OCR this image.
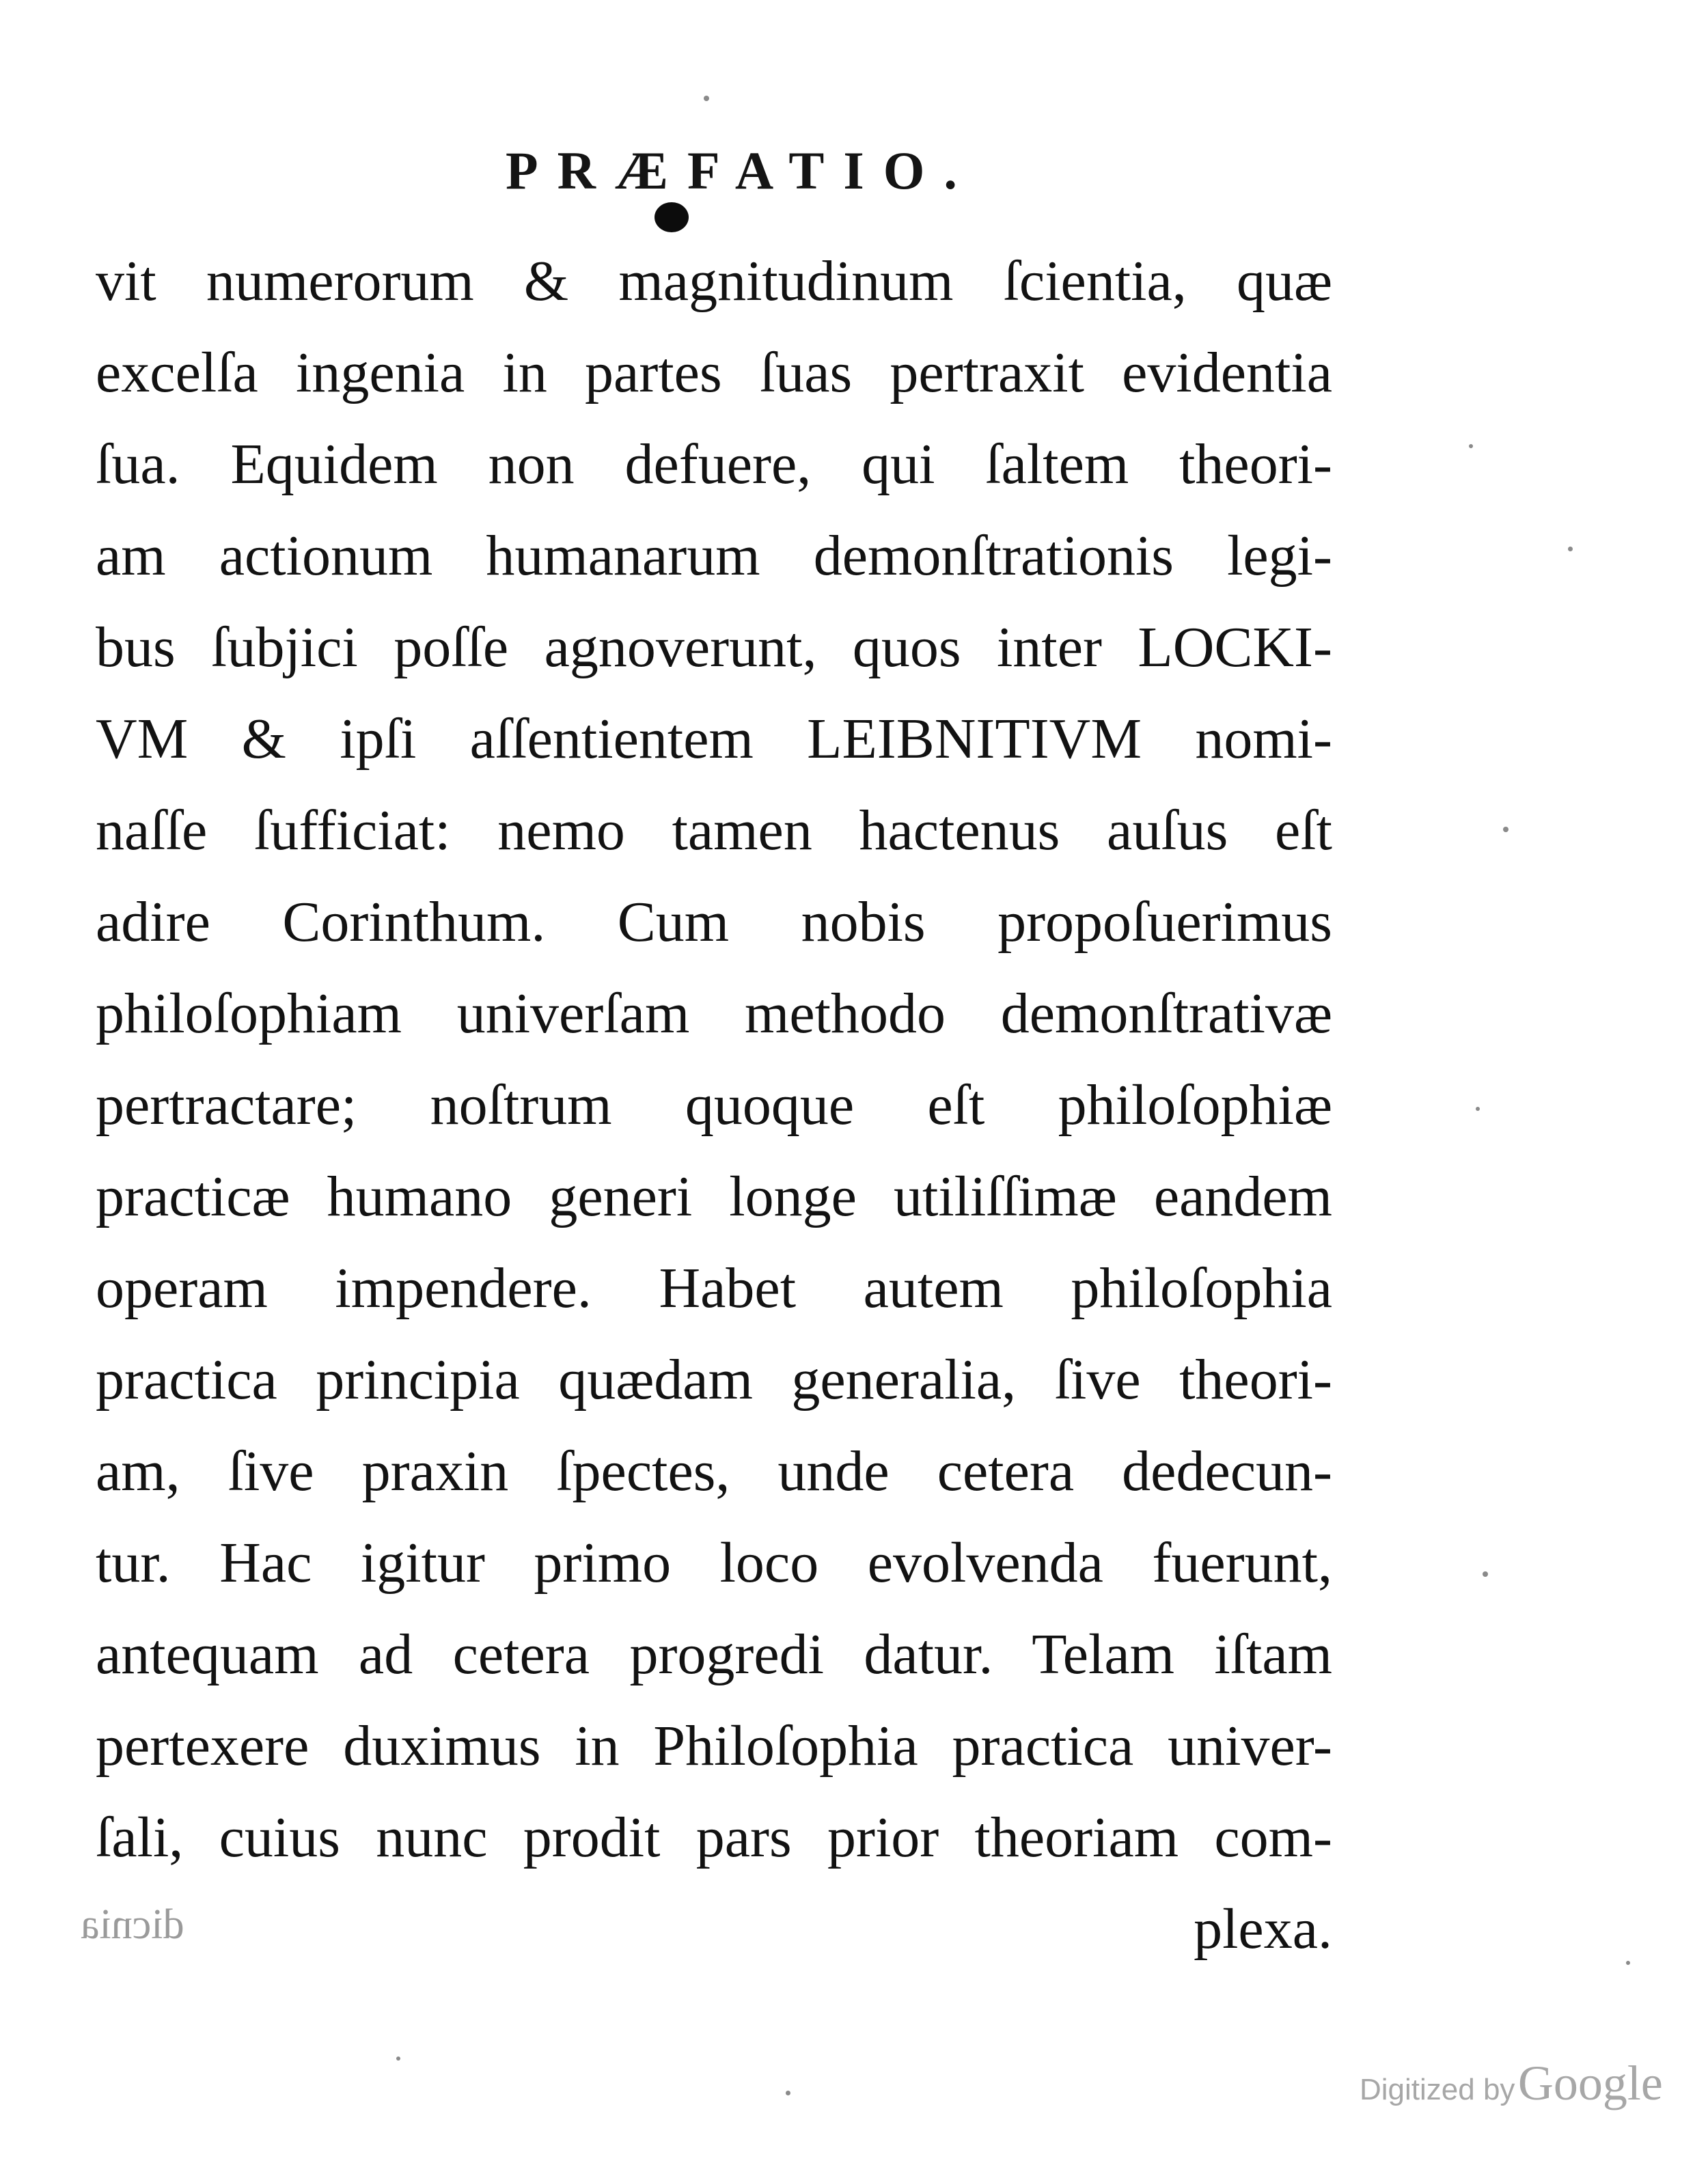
PRÆFATIO.
vit numerorum & magnitudinum ſcientia, quæ
excelſa ingenia in partes ſuas pertraxit evidentia
ſua. Equidem non defuere, qui ſaltem theori-
am actionum humanarum demonſtrationis legi-
bus ſubjici poſſe agnoverunt, quos inter LOCKI-
VM & ipſi aſſentientem LEIBNITIVM nomi-
naſſe ſufficiat: nemo tamen hactenus auſus eſt
adire Corinthum. Cum nobis propoſuerimus
philoſophiam univerſam methodo demonſtrativæ
pertractare; noſtrum quoque eſt philoſophiæ
practicæ humano generi longe utiliſſimæ eandem
operam impendere. Habet autem philoſophia
practica principia quædam generalia, ſive theori-
am, ſive praxin ſpectes, unde cetera dedecun-
tur. Hac igitur primo loco evolvenda fuerunt,
antequam ad cetera progredi datur. Telam iſtam
pertexere duximus in Philoſophia practica univer-
ſali, cuius nunc prodit pars prior theoriam com-
plexa.
dicnia
Digitized by Google
